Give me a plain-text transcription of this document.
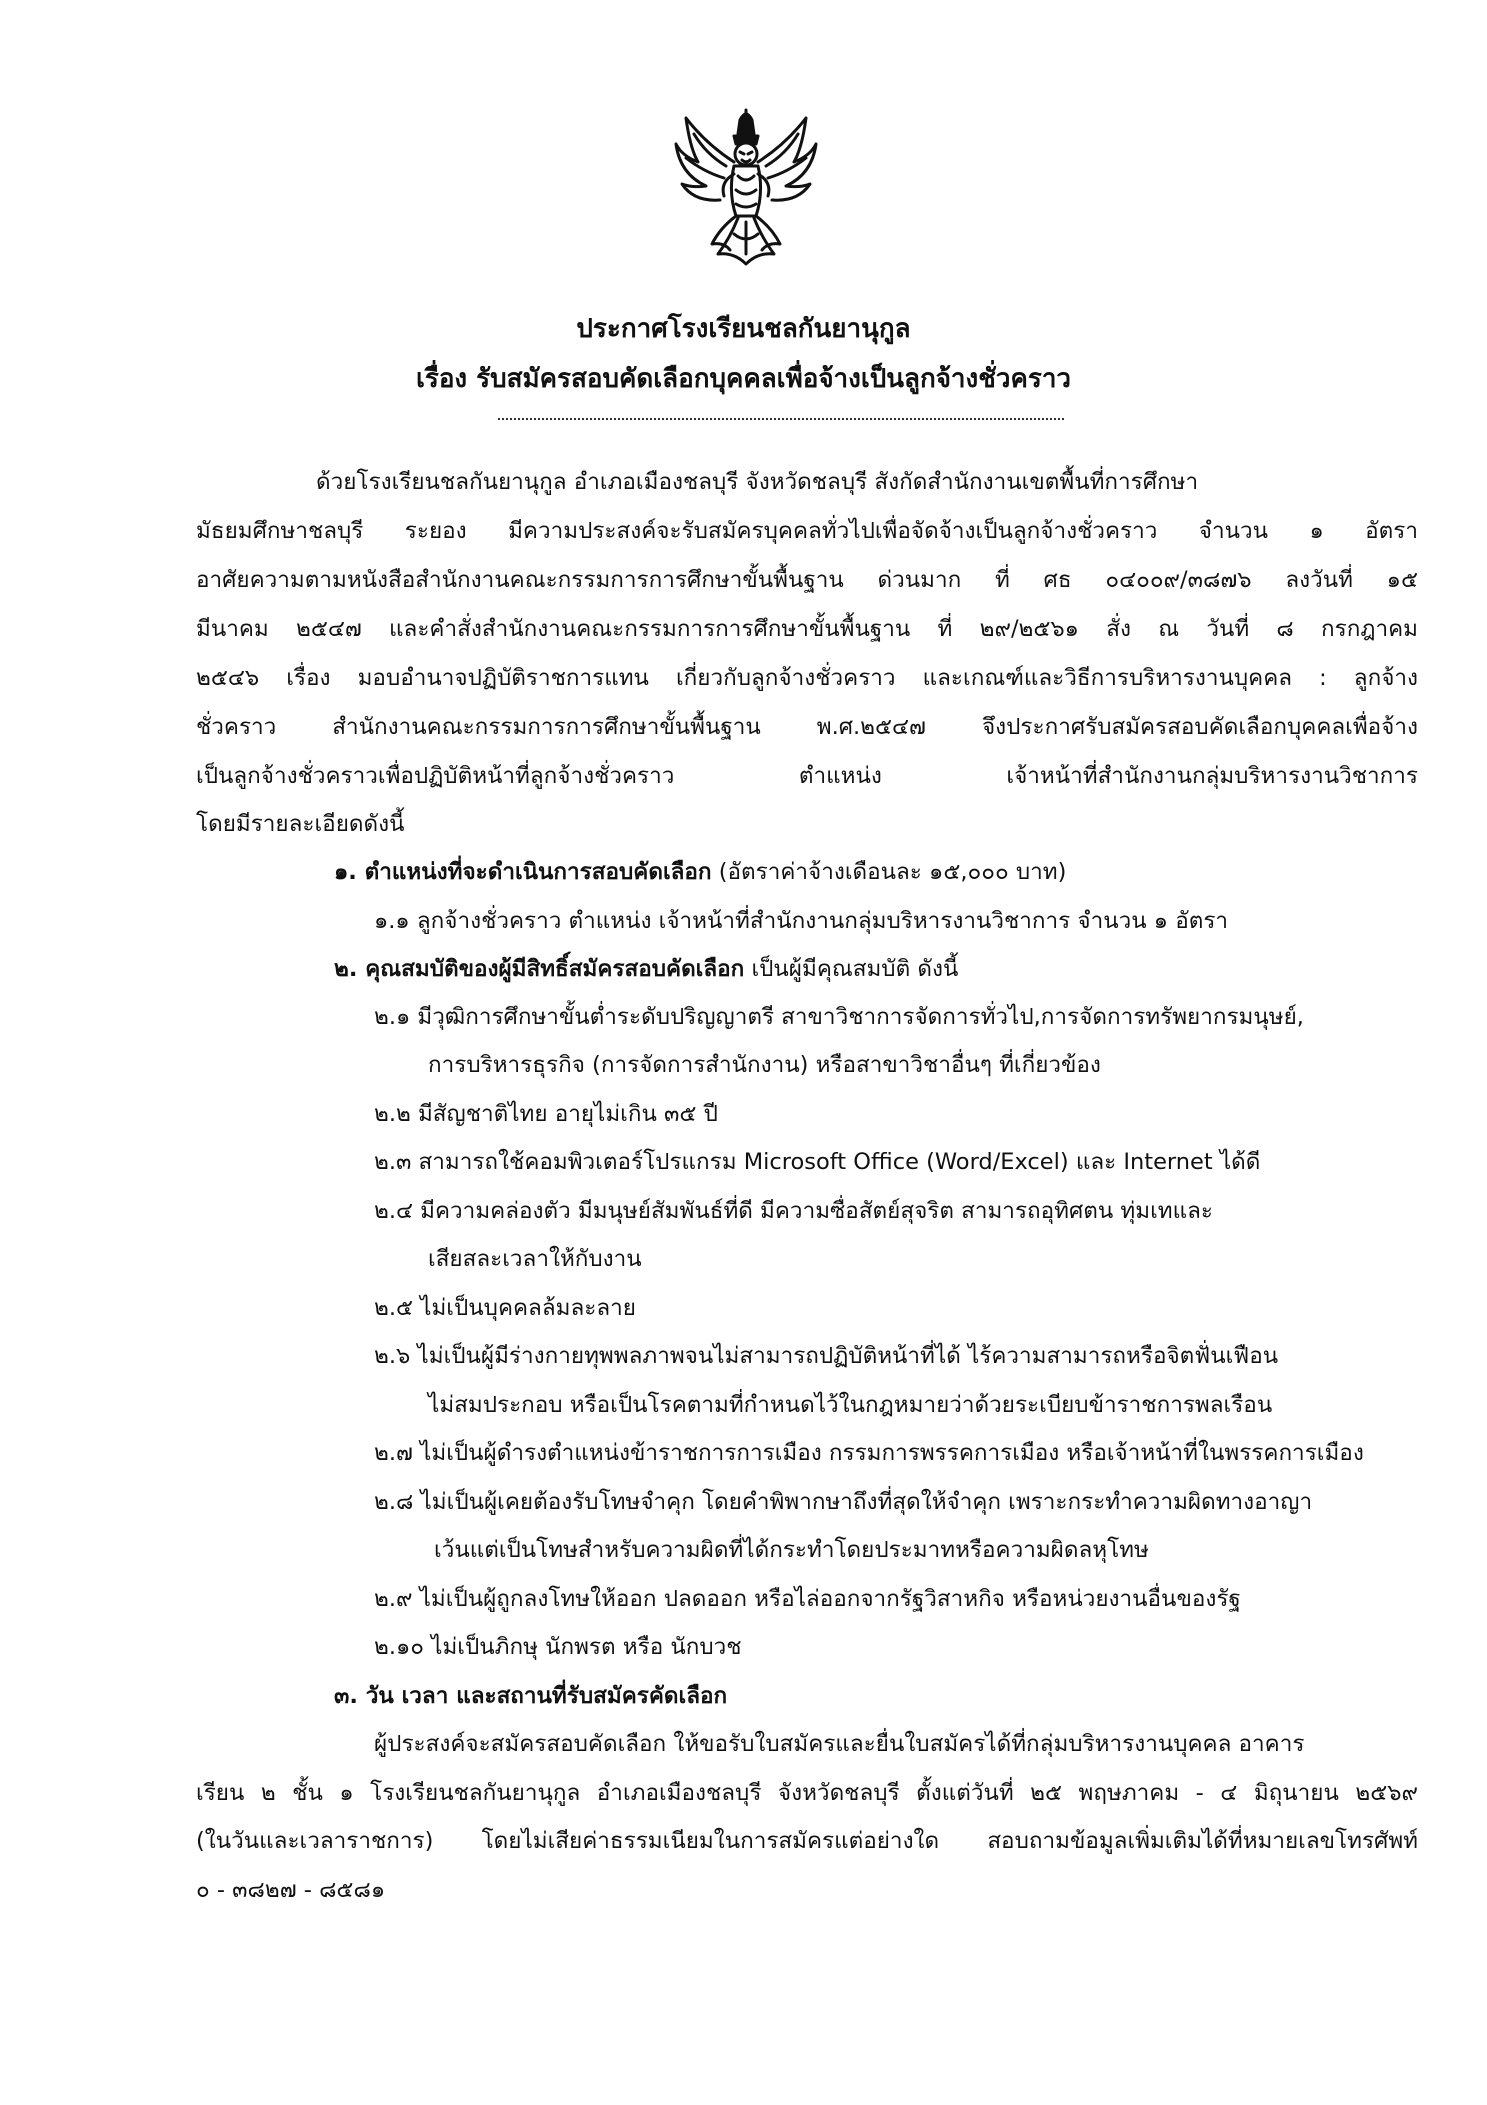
ประกาศโรงเรียนชลกันยานุกูล
เรื่อง รับสมัครสอบคัดเลือกบุคคลเพื่อจ้างเป็นลูกจ้างชั่วคราว
ด้วยโรงเรียนชลกันยานุกูล อำเภอเมืองชลบุรี จังหวัดชลบุรี สังกัดสำนักงานเขตพื้นที่การศึกษา
มัธยมศึกษาชลบุรี ระยอง มีความประสงค์จะรับสมัครบุคคลทั่วไปเพื่อจัดจ้างเป็นลูกจ้างชั่วคราว จำนวน ๑ อัตรา
อาศัยความตามหนังสือสำนักงานคณะกรรมการการศึกษาขั้นพื้นฐาน ด่วนมาก ที่ ศธ ๐๔๐๐๙/๓๘๗๖ ลงวันที่ ๑๕
มีนาคม ๒๕๔๗ และคำสั่งสำนักงานคณะกรรมการการศึกษาขั้นพื้นฐาน ที่ ๒๙/๒๕๖๑ สั่ง ณ วันที่ ๘ กรกฎาคม
๒๕๔๖ เรื่อง มอบอำนาจปฏิบัติราชการแทน เกี่ยวกับลูกจ้างชั่วคราว และเกณฑ์และวิธีการบริหารงานบุคคล : ลูกจ้าง
ชั่วคราว สำนักงานคณะกรรมการการศึกษาขั้นพื้นฐาน พ.ศ.๒๕๔๗ จึงประกาศรับสมัครสอบคัดเลือกบุคคลเพื่อจ้าง
เป็นลูกจ้างชั่วคราวเพื่อปฏิบัติหน้าที่ลูกจ้างชั่วคราว ตำแหน่ง เจ้าหน้าที่สำนักงานกลุ่มบริหารงานวิชาการ
โดยมีรายละเอียดดังนี้
๑. ตำแหน่งที่จะดำเนินการสอบคัดเลือก (อัตราค่าจ้างเดือนละ ๑๕,๐๐๐ บาท)
๑.๑ ลูกจ้างชั่วคราว ตำแหน่ง เจ้าหน้าที่สำนักงานกลุ่มบริหารงานวิชาการ จำนวน ๑ อัตรา
๒. คุณสมบัติของผู้มีสิทธิ์สมัครสอบคัดเลือก เป็นผู้มีคุณสมบัติ ดังนี้
๒.๑ มีวุฒิการศึกษาขั้นต่ำระดับปริญญาตรี สาขาวิชาการจัดการทั่วไป,การจัดการทรัพยากรมนุษย์,
การบริหารธุรกิจ (การจัดการสำนักงาน) หรือสาขาวิชาอื่นๆ ที่เกี่ยวข้อง
๒.๒ มีสัญชาติไทย อายุไม่เกิน ๓๕ ปี
๒.๓ สามารถใช้คอมพิวเตอร์โปรแกรม Microsoft Office (Word/Excel) และ Internet ได้ดี
๒.๔ มีความคล่องตัว มีมนุษย์สัมพันธ์ที่ดี มีความซื่อสัตย์สุจริต สามารถอุทิศตน ทุ่มเทและ
เสียสละเวลาให้กับงาน
๒.๕ ไม่เป็นบุคคลล้มละลาย
๒.๖ ไม่เป็นผู้มีร่างกายทุพพลภาพจนไม่สามารถปฏิบัติหน้าที่ได้ ไร้ความสามารถหรือจิตฟั่นเฟือน
ไม่สมประกอบ หรือเป็นโรคตามที่กำหนดไว้ในกฎหมายว่าด้วยระเบียบข้าราชการพลเรือน
๒.๗ ไม่เป็นผู้ดำรงตำแหน่งข้าราชการการเมือง กรรมการพรรคการเมือง หรือเจ้าหน้าที่ในพรรคการเมือง
๒.๘ ไม่เป็นผู้เคยต้องรับโทษจำคุก โดยคำพิพากษาถึงที่สุดให้จำคุก เพราะกระทำความผิดทางอาญา
เว้นแต่เป็นโทษสำหรับความผิดที่ได้กระทำโดยประมาทหรือความผิดลหุโทษ
๒.๙ ไม่เป็นผู้ถูกลงโทษให้ออก ปลดออก หรือไล่ออกจากรัฐวิสาหกิจ หรือหน่วยงานอื่นของรัฐ
๒.๑๐ ไม่เป็นภิกษุ นักพรต หรือ นักบวช
๓. วัน เวลา และสถานที่รับสมัครคัดเลือก
ผู้ประสงค์จะสมัครสอบคัดเลือก ให้ขอรับใบสมัครและยื่นใบสมัครได้ที่กลุ่มบริหารงานบุคคล อาคาร
เรียน ๒ ชั้น ๑ โรงเรียนชลกันยานุกูล อำเภอเมืองชลบุรี จังหวัดชลบุรี ตั้งแต่วันที่ ๒๕ พฤษภาคม - ๔ มิถุนายน ๒๕๖๙
(ในวันและเวลาราชการ) โดยไม่เสียค่าธรรมเนียมในการสมัครแต่อย่างใด สอบถามข้อมูลเพิ่มเติมได้ที่หมายเลขโทรศัพท์
๐ - ๓๘๒๗ - ๘๕๘๑
